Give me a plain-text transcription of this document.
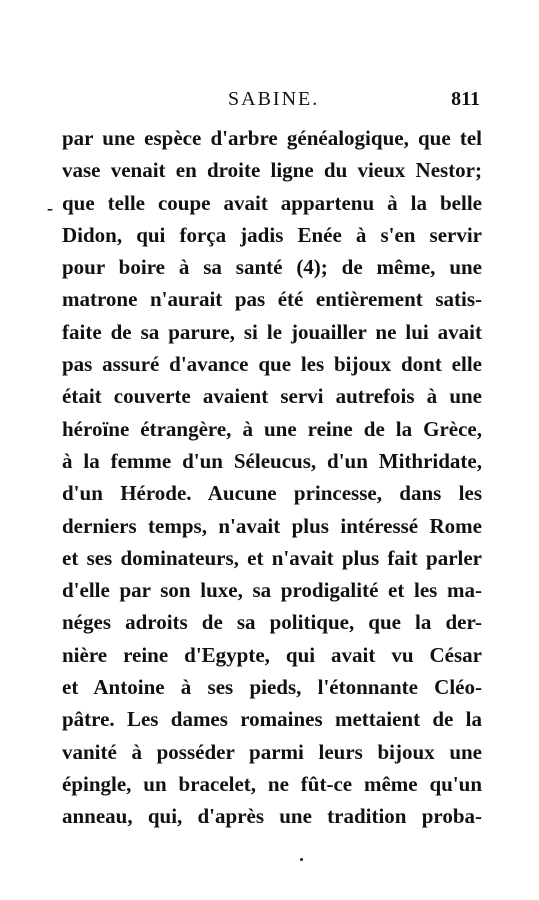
SABINE.	811
-
par une espèce d'arbre généalogique, que tel
vase venait en droite ligne du vieux Nestor;
que telle coupe avait appartenu à la belle
Didon, qui força jadis Enée à s'en servir
pour boire à sa santé (4); de même, une
matrone n'aurait pas été entièrement satis-
faite de sa parure, si le jouailler ne lui avait
pas assuré d'avance que les bijoux dont elle
était couverte avaient servi autrefois à une
héroïne étrangère, à une reine de la Grèce,
à la femme d'un Séleucus, d'un Mithridate,
d'un Hérode. Aucune princesse, dans les
derniers temps, n'avait plus intéressé Rome
et ses dominateurs, et n'avait plus fait parler
d'elle par son luxe, sa prodigalité et les ma-
néges adroits de sa politique, que la der-
nière reine d'Egypte, qui avait vu César
et Antoine à ses pieds, l'étonnante Cléo-
pâtre. Les dames romaines mettaient de la
vanité à posséder parmi leurs bijoux une
épingle, un bracelet, ne fût-ce même qu'un
anneau, qui, d'après une tradition proba-
